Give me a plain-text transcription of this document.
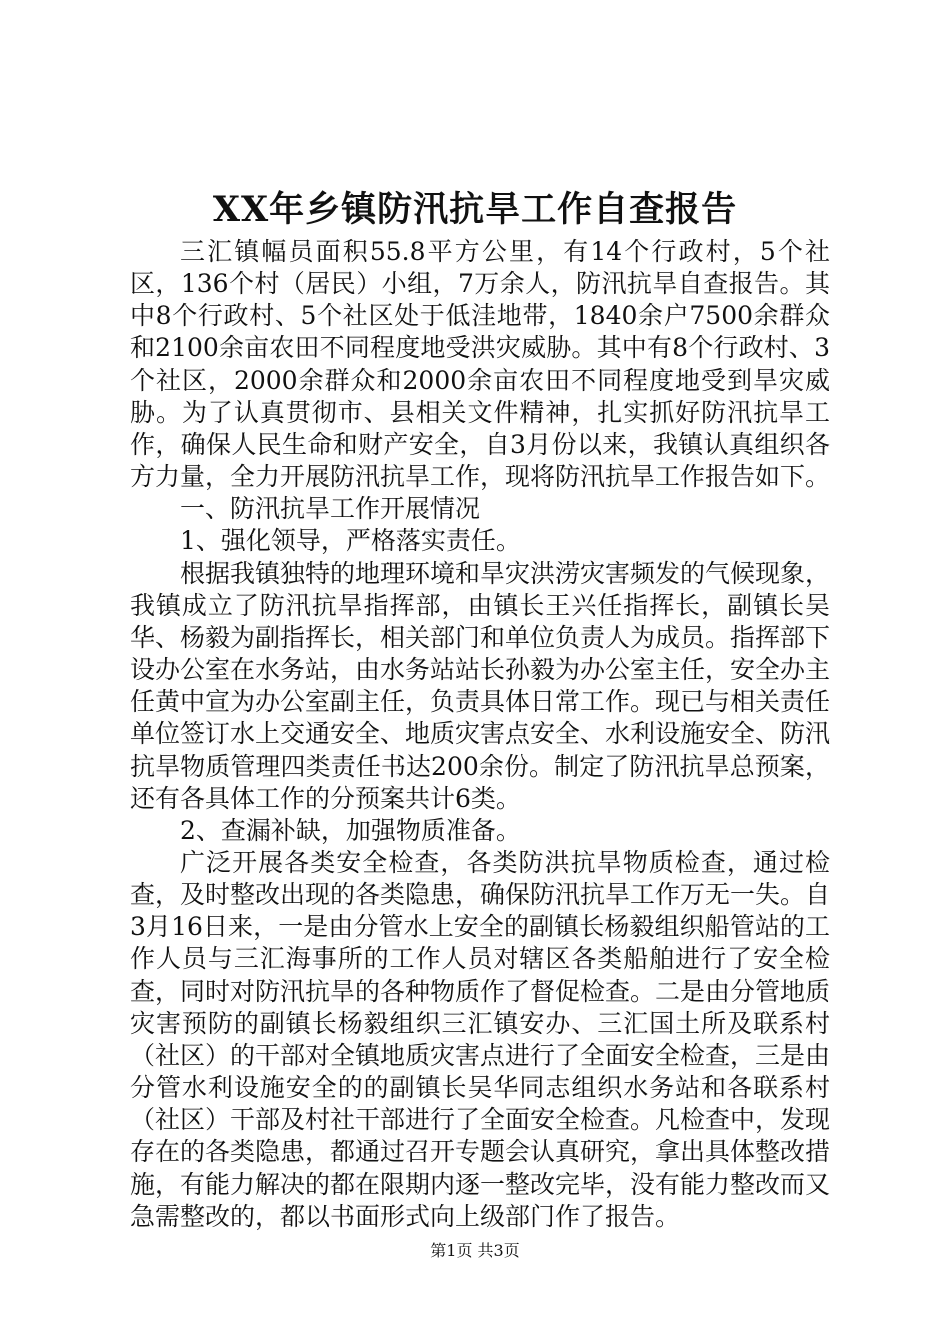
XX年乡镇防汛抗旱工作自查报告

三汇镇幅员面积55.8平方公里，有14个行政村，5个社区，136个村（居民）小组，7万余人，防汛抗旱自查报告。其中8个行政村、5个社区处于低洼地带，1840余户7500余群众和2100余亩农田不同程度地受洪灾威胁。其中有8个行政村、3个社区，2000余群众和2000余亩农田不同程度地受到旱灾威胁。为了认真贯彻市、县相关文件精神，扎实抓好防汛抗旱工作，确保人民生命和财产安全，自3月份以来，我镇认真组织各方力量，全力开展防汛抗旱工作，现将防汛抗旱工作报告如下。

一、防汛抗旱工作开展情况

1、强化领导，严格落实责任。

根据我镇独特的地理环境和旱灾洪涝灾害频发的气候现象，我镇成立了防汛抗旱指挥部，由镇长王兴任指挥长，副镇长吴华、杨毅为副指挥长，相关部门和单位负责人为成员。指挥部下设办公室在水务站，由水务站站长孙毅为办公室主任，安全办主任黄中宣为办公室副主任，负责具体日常工作。现已与相关责任单位签订水上交通安全、地质灾害点安全、水利设施安全、防汛抗旱物质管理四类责任书达200余份。制定了防汛抗旱总预案，还有各具体工作的分预案共计6类。

2、查漏补缺，加强物质准备。

广泛开展各类安全检查，各类防洪抗旱物质检查，通过检查，及时整改出现的各类隐患，确保防汛抗旱工作万无一失。自3月16日来，一是由分管水上安全的副镇长杨毅组织船管站的工作人员与三汇海事所的工作人员对辖区各类船舶进行了安全检查，同时对防汛抗旱的各种物质作了督促检查。二是由分管地质灾害预防的副镇长杨毅组织三汇镇安办、三汇国土所及联系村（社区）的干部对全镇地质灾害点进行了全面安全检查，三是由分管水利设施安全的的副镇长吴华同志组织水务站和各联系村（社区）干部及村社干部进行了全面安全检查。凡检查中，发现存在的各类隐患，都通过召开专题会认真研究，拿出具体整改措施，有能力解决的都在限期内逐一整改完毕，没有能力整改而又急需整改的，都以书面形式向上级部门作了报告。

第1页 共3页
